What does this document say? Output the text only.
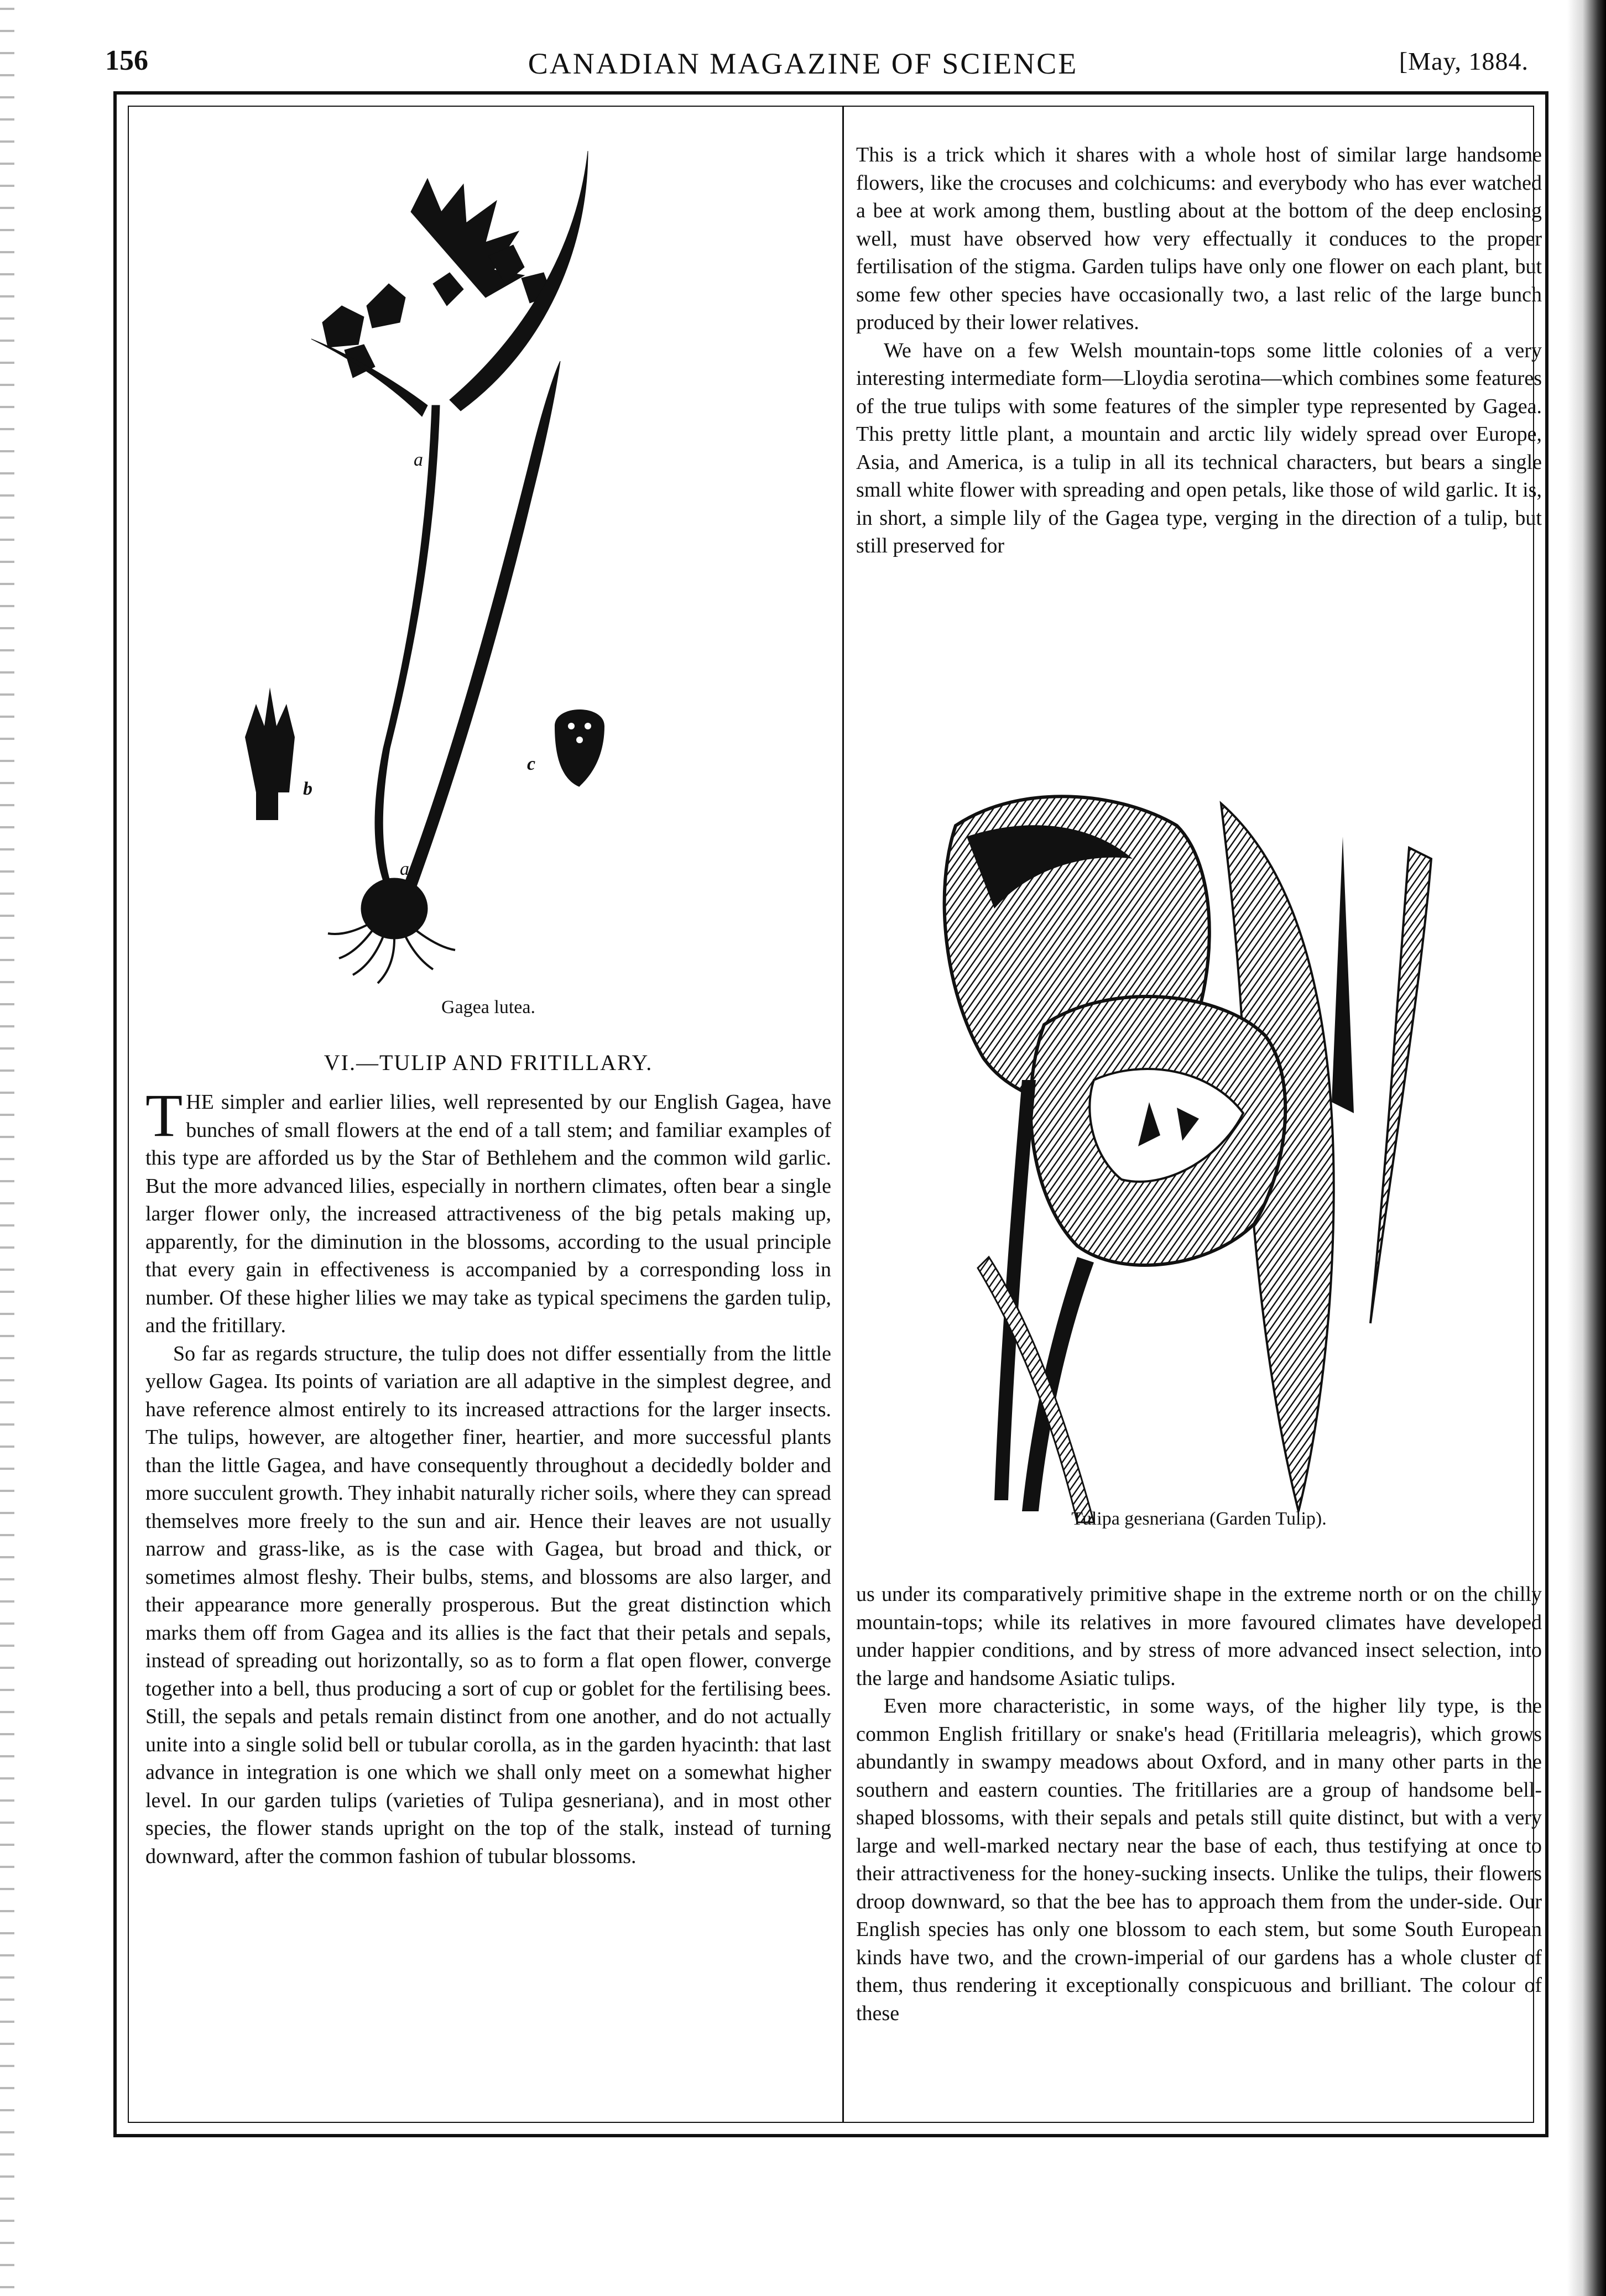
156	CANADIAN MAGAZINE OF SCIENCE	[May, 1884.
a
b
c
a
Gagea lutea.
VI.—TULIP AND FRITILLARY.

THE simpler and earlier lilies, well represented by our English Gagea, have bunches of small flowers at the end of a tall stem; and familiar examples of this type are afforded us by the Star of Bethlehem and the common wild garlic. But the more advanced lilies, especially in northern climates, often bear a single larger flower only, the increased attractiveness of the big petals making up, apparently, for the diminution in the blossoms, according to the usual principle that every gain in effectiveness is accompanied by a corresponding loss in number. Of these higher lilies we may take as typical specimens the garden tulip, and the fritillary.

So far as regards structure, the tulip does not differ essentially from the little yellow Gagea. Its points of variation are all adaptive in the simplest degree, and have reference almost entirely to its increased attractions for the larger insects. The tulips, however, are altogether finer, heartier, and more successful plants than the little Gagea, and have consequently throughout a decidedly bolder and more succulent growth. They inhabit naturally richer soils, where they can spread themselves more freely to the sun and air. Hence their leaves are not usually narrow and grass-like, as is the case with Gagea, but broad and thick, or sometimes almost fleshy. Their bulbs, stems, and blossoms are also larger, and their appearance more generally prosperous. But the great distinction which marks them off from Gagea and its allies is the fact that their petals and sepals, instead of spreading out horizontally, so as to form a flat open flower, converge together into a bell, thus producing a sort of cup or goblet for the fertilising bees. Still, the sepals and petals remain distinct from one another, and do not actually unite into a single solid bell or tubular corolla, as in the garden hyacinth: that last advance in integration is one which we shall only meet on a somewhat higher level. In our garden tulips (varieties of Tulipa gesneriana), and in most other species, the flower stands upright on the top of the stalk, instead of turning downward, after the common fashion of tubular blossoms.

This is a trick which it shares with a whole host of similar large handsome flowers, like the crocuses and colchicums: and everybody who has ever watched a bee at work among them, bustling about at the bottom of the deep enclosing well, must have observed how very effectually it conduces to the proper fertilisation of the stigma. Garden tulips have only one flower on each plant, but some few other species have occasionally two, a last relic of the large bunch produced by their lower relatives.

We have on a few Welsh mountain-tops some little colonies of a very interesting intermediate form—Lloydia serotina—which combines some features of the true tulips with some features of the simpler type represented by Gagea. This pretty little plant, a mountain and arctic lily widely spread over Europe, Asia, and America, is a tulip in all its technical characters, but bears a single small white flower with spreading and open petals, like those of wild garlic. It is, in short, a simple lily of the Gagea type, verging in the direction of a tulip, but still preserved for

Tulipa gesneriana (Garden Tulip).

us under its comparatively primitive shape in the extreme north or on the chilly mountain-tops; while its relatives in more favoured climates have developed under happier conditions, and by stress of more advanced insect selection, into the large and handsome Asiatic tulips.

Even more characteristic, in some ways, of the higher lily type, is the common English fritillary or snake's head (Fritillaria meleagris), which grows abundantly in swampy meadows about Oxford, and in many other parts in the southern and eastern counties. The fritillaries are a group of handsome bell-shaped blossoms, with their sepals and petals still quite distinct, but with a very large and well-marked nectary near the base of each, thus testifying at once to their attractiveness for the honey-sucking insects. Unlike the tulips, their flowers droop downward, so that the bee has to approach them from the under-side. Our English species has only one blossom to each stem, but some South European kinds have two, and the crown-imperial of our gardens has a whole cluster of them, thus rendering it exceptionally conspicuous and brilliant. The colour of these
